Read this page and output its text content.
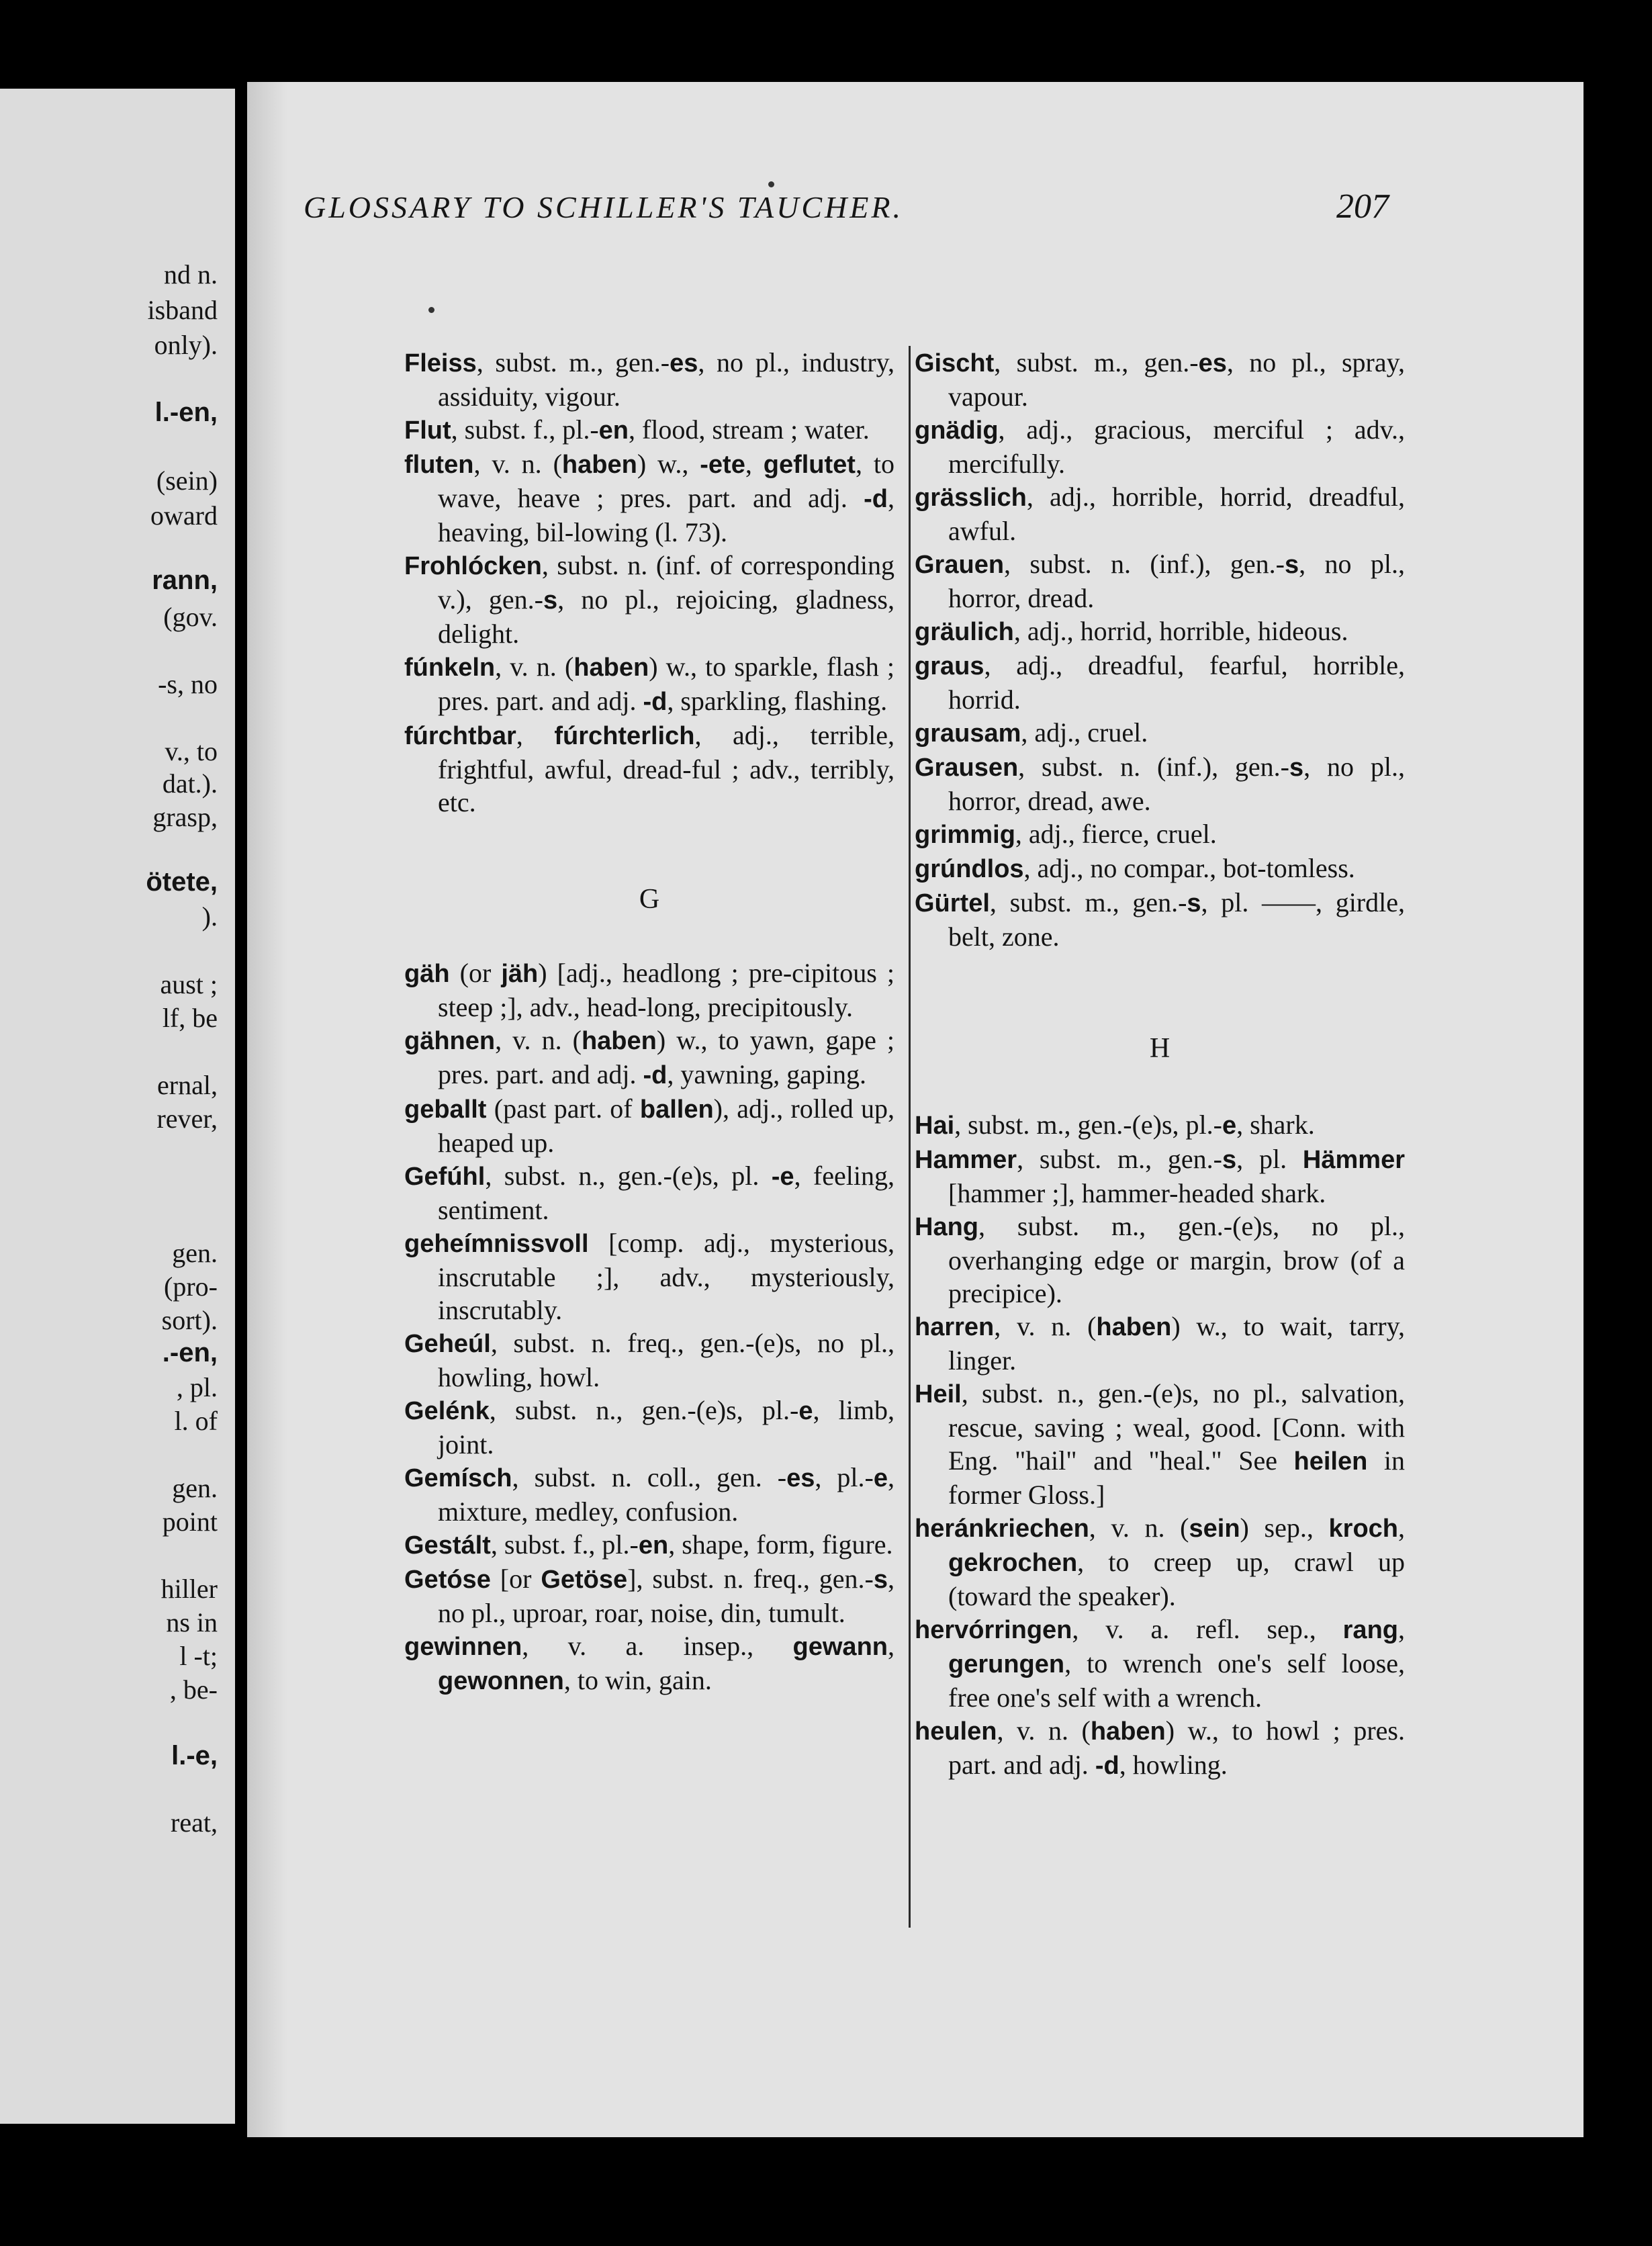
nd n.
isband
only).
l.-en,
(sein)
oward
rann,
(gov.
-s, no
v., to
dat.).
grasp,
ötete,
).
aust ;
lf, be
ernal,
rever,
gen.
(pro-
sort).
.-en,
, pl.
l. of
gen.
point
hiller
ns in
l -t;
, be-
l.-e,
reat,
GLOSSARY TO SCHILLER'S TAUCHER.	207

Fleiss, subst. m., gen.-es, no pl., industry, assiduity, vigour.

Flut, subst. f., pl.-en, flood, stream ; water.

fluten, v. n. (haben) w., -ete, geflutet, to wave, heave ; pres. part. and adj. -d, heaving, bil-lowing (l. 73).

Frohlócken, subst. n. (inf. of corresponding v.), gen.-s, no pl., rejoicing, gladness, delight.

fúnkeln, v. n. (haben) w., to sparkle, flash ; pres. part. and adj. -d, sparkling, flashing.

fúrchtbar, fúrchterlich, adj., terrible, frightful, awful, dread-ful ; adv., terribly, etc.

G

gäh (or jäh) [adj., headlong ; pre-cipitous ; steep ;], adv., head-long, precipitously.

gähnen, v. n. (haben) w., to yawn, gape ; pres. part. and adj. -d, yawning, gaping.

geballt (past part. of ballen), adj., rolled up, heaped up.

Gefúhl, subst. n., gen.-(e)s, pl. -e, feeling, sentiment.

geheímnissvoll [comp. adj., mysterious, inscrutable ;], adv., mysteriously, inscrutably.

Geheúl, subst. n. freq., gen.-(e)s, no pl., howling, howl.

Gelénk, subst. n., gen.-(e)s, pl.-e, limb, joint.

Gemísch, subst. n. coll., gen. -es, pl.-e, mixture, medley, confusion.

Gestált, subst. f., pl.-en, shape, form, figure.

Getóse [or Getöse], subst. n. freq., gen.-s, no pl., uproar, roar, noise, din, tumult.

gewinnen, v. a. insep., gewann, gewonnen, to win, gain.

Gischt, subst. m., gen.-es, no pl., spray, vapour.

gnädig, adj., gracious, merciful ; adv., mercifully.

grässlich, adj., horrible, horrid, dreadful, awful.

Grauen, subst. n. (inf.), gen.-s, no pl., horror, dread.

gräulich, adj., horrid, horrible, hideous.

graus, adj., dreadful, fearful, horrible, horrid.

grausam, adj., cruel.

Grausen, subst. n. (inf.), gen.-s, no pl., horror, dread, awe.

grimmig, adj., fierce, cruel.

grúndlos, adj., no compar., bot-tomless.

Gürtel, subst. m., gen.-s, pl. ——, girdle, belt, zone.

H

Hai, subst. m., gen.-(e)s, pl.-e, shark.

Hammer, subst. m., gen.-s, pl. Hämmer [hammer ;], hammer-headed shark.

Hang, subst. m., gen.-(e)s, no pl., overhanging edge or margin, brow (of a precipice).

harren, v. n. (haben) w., to wait, tarry, linger.

Heil, subst. n., gen.-(e)s, no pl., salvation, rescue, saving ; weal, good. [Conn. with Eng. "hail" and "heal." See heilen in former Gloss.]

heránkriechen, v. n. (sein) sep., kroch, gekrochen, to creep up, crawl up (toward the speaker).

hervórringen, v. a. refl. sep., rang, gerungen, to wrench one's self loose, free one's self with a wrench.

heulen, v. n. (haben) w., to howl ; pres. part. and adj. -d, howling.
